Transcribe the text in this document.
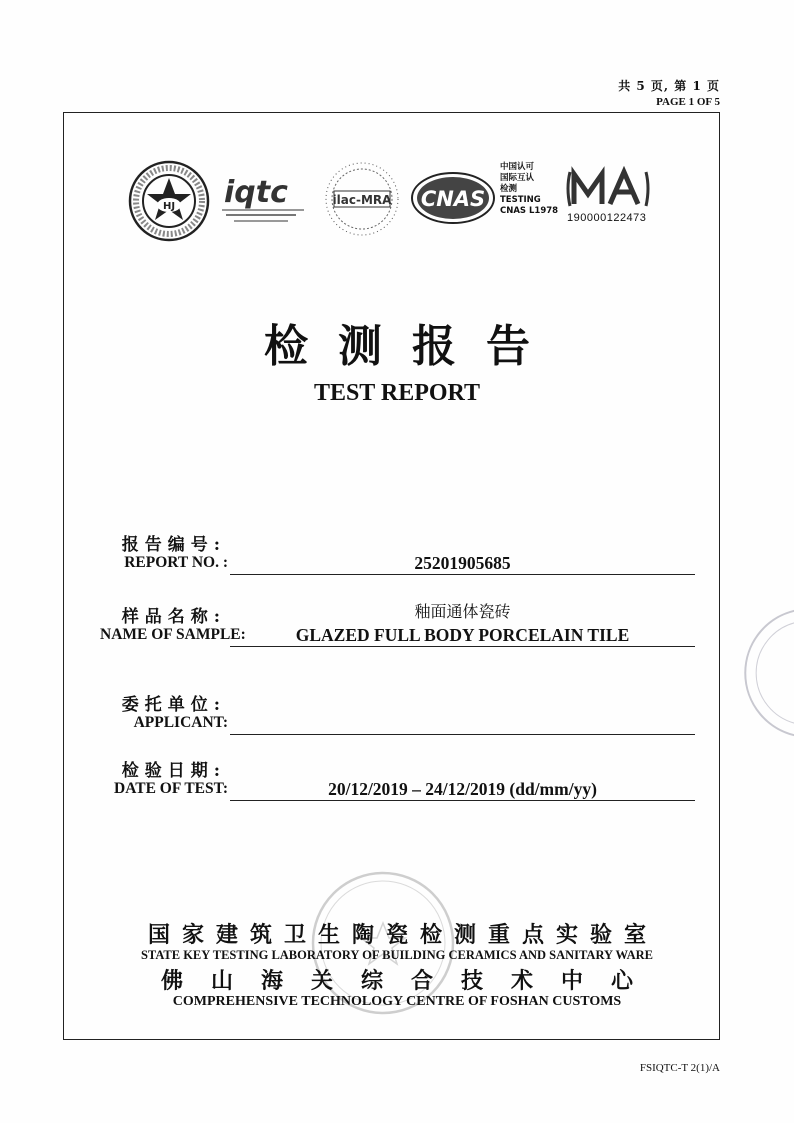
共 5 页, 第 1 页
PAGE 1 OF 5
HJ iqtc	ilac-MRA CNAS
中国认可
国际互认
检测
TESTING
CNAS L1978
190000122473
检测报告
TEST REPORT
报告编号:
REPORT NO. :	25201905685
样品名称:
NAME OF SAMPLE:
釉面通体瓷砖
GLAZED FULL BODY PORCELAIN TILE
委托单位:
APPLICANT:
检验日期:
DATE OF TEST:	20/12/2019 – 24/12/2019 (dd/mm/yy)
国家建筑卫生陶瓷检测重点实验室
STATE KEY TESTING LABORATORY OF BUILDING CERAMICS AND SANITARY WARE
佛山海关综合技术中心
COMPREHENSIVE TECHNOLOGY CENTRE OF FOSHAN CUSTOMS
FSIQTC-T 2(1)/A
